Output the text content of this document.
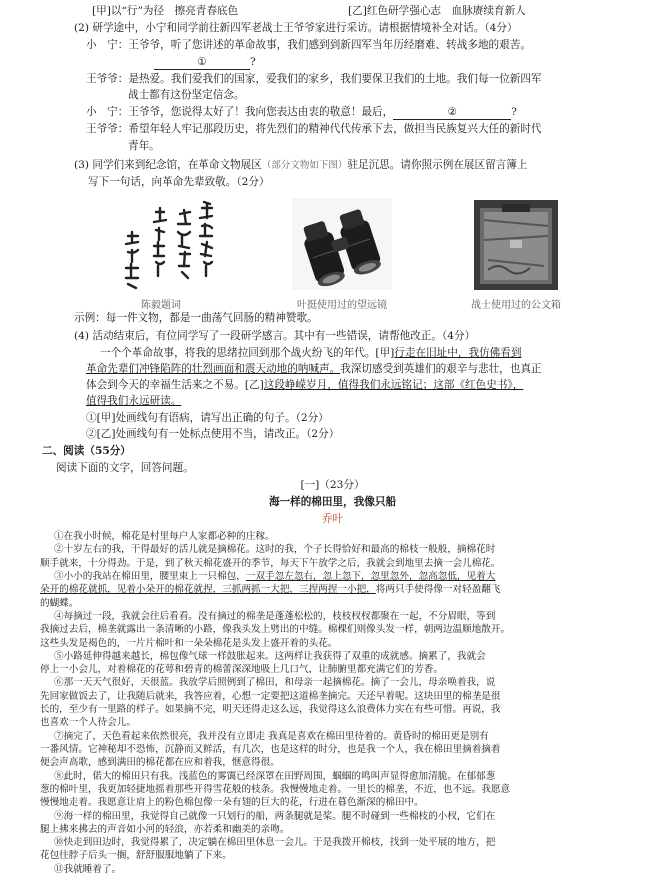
[甲]以“行”为径　擦亮青春底色	[乙]红色研学强心志　血脉赓续育新人
(2) 研学途中，小宁和同学前往新四军老战士王爷爷家进行采访。请根据情境补全对话。（4分）
小　宁：王爷爷，听了您讲述的革命故事，我们感到到新四军当年历经磨难、转战多地的艰苦。
①	?
王爷爷：是热爱。我们爱我们的国家，爱我们的家乡，我们要保卫我们的土地。我们每一位新四军
战士都有这份坚定信念。
小　宁：王爷爷，您说得太好了！我向您表达由衷的敬意！最后，	②	?
王爷爷：希望年轻人牢记那段历史，将先烈们的精神代代传承下去，做担当民族复兴大任的新时代
青年。
(3) 同学们来到纪念馆，在革命文物展区（部分文物如下图）驻足沉思。请你照示例在展区留言簿上
写下一句话，向革命先辈致敬。（2分）
陈毅题词	叶挺使用过的望远镜	战士使用过的公文箱
示例：每一件文物，都是一曲荡气回肠的精神赞歌。
(4) 活动结束后，有位同学写了一段研学感言。其中有一些错误，请帮他改正。（4分）
一个个革命故事，将我的思绪拉回到那个战火纷飞的年代。[甲]行走在旧址中，我仿佛看到
革命先辈们冲锋陷阵的壮烈画面和震天动地的呐喊声。我深切感受到英雄们的艰辛与悲壮，也真正
体会到今天的幸福生活来之不易。[乙]这段峥嵘岁月，值得我们永远铭记；这部《红色史书》，
值得我们永远研读。
①[甲]处画线句有语病，请写出正确的句子。（2分）
②[乙]处画线句有一处标点使用不当，请改正。（2分）
二、阅读（55分）
阅读下面的文字，回答问题。
[一]（23分）
海一样的棉田里，我像只船
乔叶
①在我小时候，棉花是村里每户人家都必种的庄稼。
②十岁左右的我，干得最好的活儿就是摘棉花。这时的我，个子长得恰好和最高的棉枝一般般，摘棉花时
顺手就来，十分得劲。于是，到了秋天棉花盛开的季节，每天下午放学之后，我就会到地里去摘一会儿棉花。
③小小的我站在棉田里，腰里束上一只棉包，一双手忽左忽右，忽上忽下，忽里忽外，忽高忽低，见着大
朵开的棉花就抓，见着小朵开的棉花就捏，三抓两抓一大把，三捏两捏一小把，将两只手使得像一对轻盈翻飞
的蝴蝶。
④每摘过一段，我就会往后看看。没有摘过的棉垄是蓬蓬松松的，枝枝杈杈都聚在一起，不分眉眼，等到
我摘过去后，棉垄就露出一条清晰的小路，像我头发上劈出的中缝。棉棵们则像头发一样，朝两边温顺地散开。
这些头发是褐色的，一片片棉叶和一朵朵棉花是头发上盛开着的头花。
⑤小路延伸得越来越长，棉包像气球一样鼓胀起来。这两样让我获得了双重的成就感。摘累了，我就会
停上一小会儿，对着棉花的花萼和碧青的棉蕾深深地吸上几口气，让肺腑里都充满它们的芳香。
⑥那一天天气很好，天很蓝。我放学后照例到了棉田，和母亲一起摘棉花。摘了一会儿，母亲唤着我，说
先回家做饭去了，让我随后就来，我答应着，心想一定要把这道棉垄摘完。天还早着呢。这块田里的棉垄是很
长的，至少有一里路的样子。如果摘不完，明天还得走这么远，我觉得这么浪费体力实在有些可惜。再说，我
也喜欢一个人待会儿。
⑦摘完了，天色看起来依然很亮，我并没有立即走 我真是喜欢在棉田里待着的。黄昏时的棉田更是别有
一番风情。它神秘却不恐怖，沉静而又鲜活，有几次，也是这样的时分，也是我一个人，我在棉田里摘着摘着
便会声高歌，感到满田的棉花都在应和着我，惬意得很。
⑧此时，偌大的棉田只有我。浅蓝色的雾霭已经深罩在田野周围，蝈蝈的鸣叫声显得愈加清脆。在郁郁葱
葱的棉叶里，我更加轻捷地摇着那些开得雪花般的枝条。我慢慢地走着。一里长的棉垄，不近，也不远。我愿意
慢慢地走着。我愿意让肩上的粉色棉包像一朵有翅的巨大的花，行进在暮色渐深的棉田中。
⑨海一样的棉田里，我觉得自己就像一只划行的船，两条腿就是桨。腿不时碰到一些棉枝的小杈，它们在
腿上拂来拂去的声音如小河的轻浪，亦若柔和幽美的亲吻。
⑩快走到田边时，我觉得累了，决定躺在棉田里休息一会儿。于是我拨开棉枝，找到一处平展的地方，把
花包往脖子后头一搁，舒舒服服地躺了下来。
⑪我就睡着了。
